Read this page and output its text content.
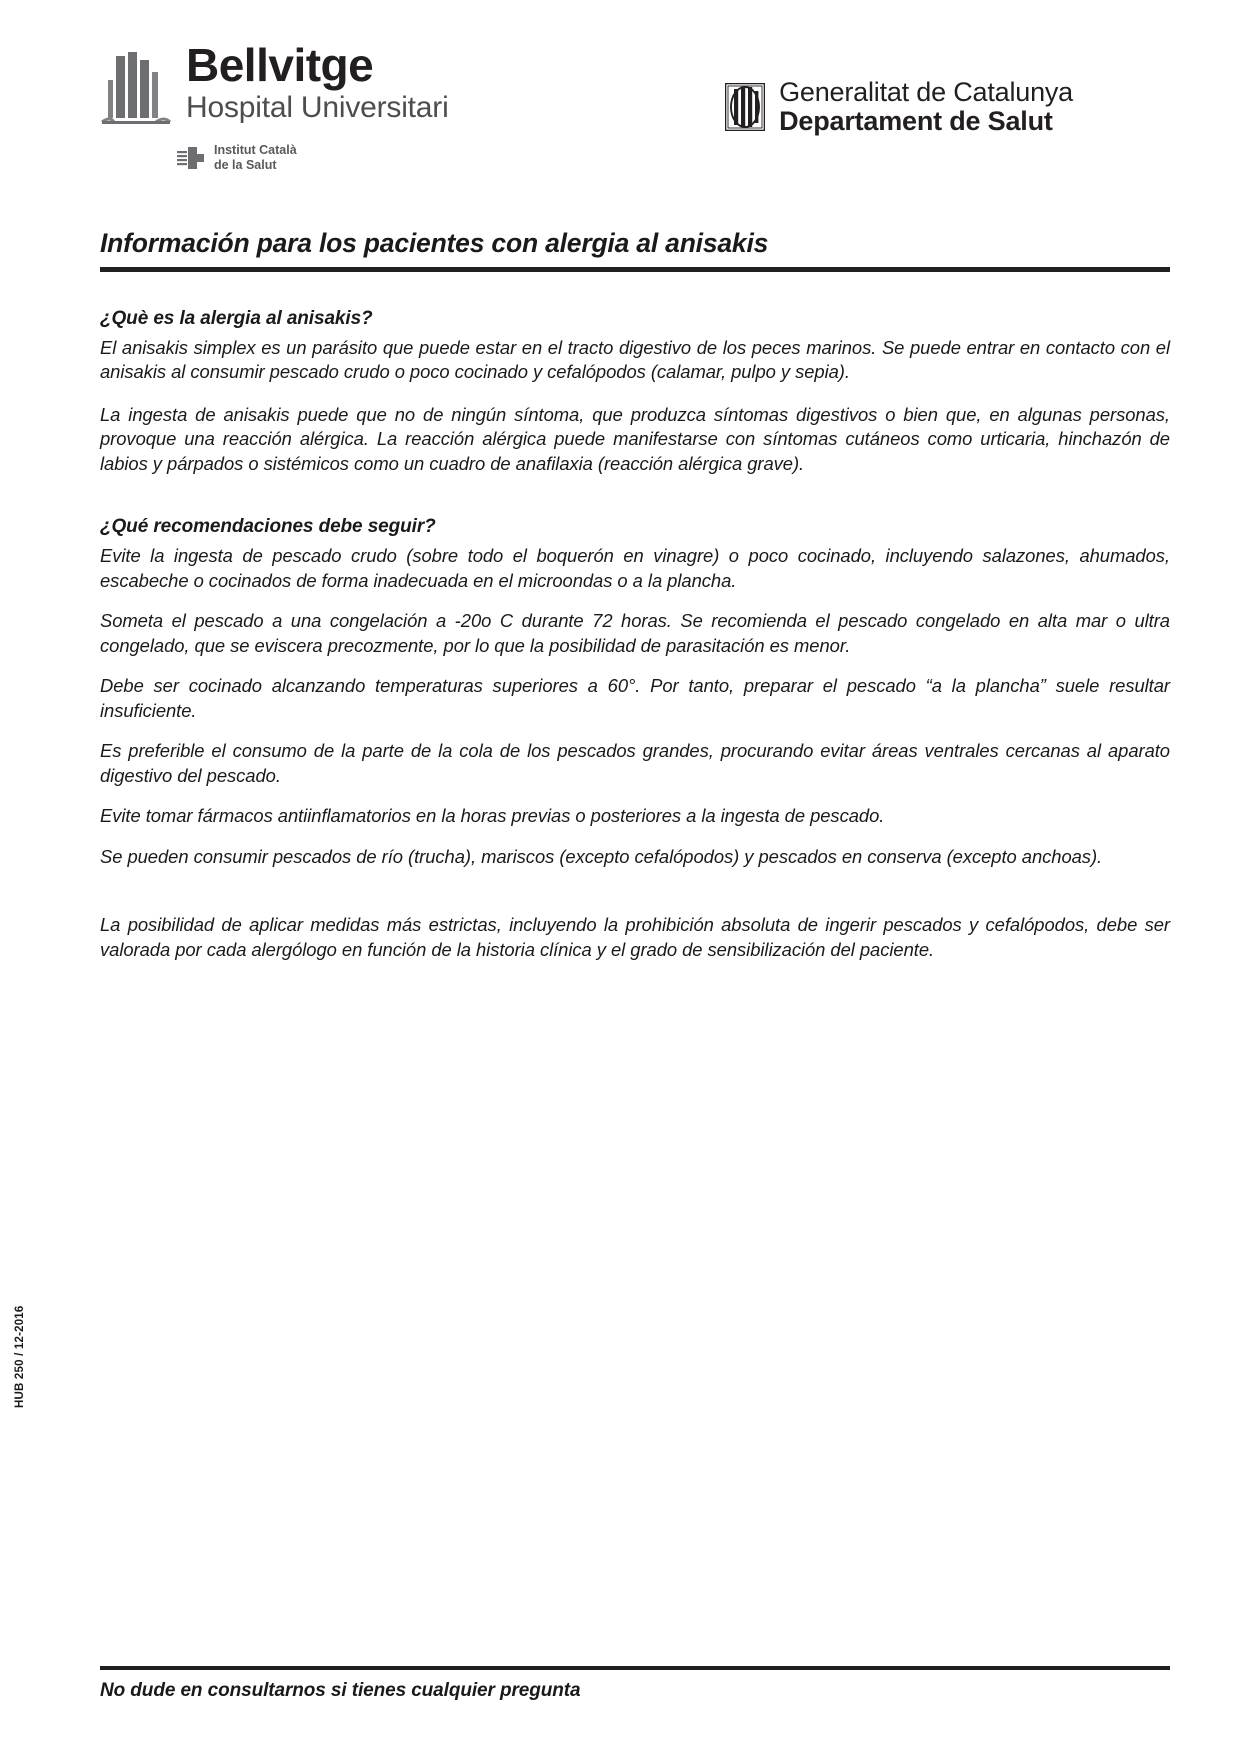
Bellvitge
Hospital Universitari
Institut Català
de la Salut
Generalitat de Catalunya
Departament de Salut
Información para los pacientes con alergia al anisakis
¿Què es la alergia al anisakis?

El anisakis simplex es un parásito que puede estar en el tracto digestivo de los peces marinos. Se puede entrar en contacto con el anisakis al consumir pescado crudo o poco cocinado y cefalópodos (calamar, pulpo y sepia).

La ingesta de anisakis puede que no de ningún síntoma, que produzca síntomas digestivos o bien que, en algunas personas, provoque una reacción alérgica. La reacción alérgica puede manifestarse con síntomas cutáneos como urticaria, hinchazón de labios y párpados o sistémicos como un cuadro de anafilaxia (reacción alérgica grave).

¿Qué recomendaciones debe seguir?

Evite la ingesta de pescado crudo (sobre todo el boquerón en vinagre) o poco cocinado, incluyendo salazones, ahumados, escabeche o cocinados de forma inadecuada en el microondas o a la plancha.

Someta el pescado a una congelación a -20o C durante 72 horas. Se recomienda el pescado congelado en alta mar o ultra congelado, que se eviscera precozmente, por lo que la posibilidad de parasitación es menor.

Debe ser cocinado alcanzando temperaturas superiores a 60°. Por tanto, preparar el pescado “a la plancha” suele resultar insuficiente.

Es preferible el consumo de la parte de la cola de los pescados grandes, procurando evitar áreas ventrales cercanas al aparato digestivo del pescado.

Evite tomar fármacos antiinflamatorios en la horas previas o posteriores a la ingesta de pescado.

Se pueden consumir pescados de río (trucha), mariscos (excepto cefalópodos) y pescados en conserva (excepto anchoas).

La posibilidad de aplicar medidas más estrictas, incluyendo la prohibición absoluta de ingerir pescados y cefalópodos, debe ser valorada por cada alergólogo en función de la historia clínica y el grado de sensibilización del paciente.

HUB 250 / 12-2016
No dude en consultarnos si tienes cualquier pregunta
